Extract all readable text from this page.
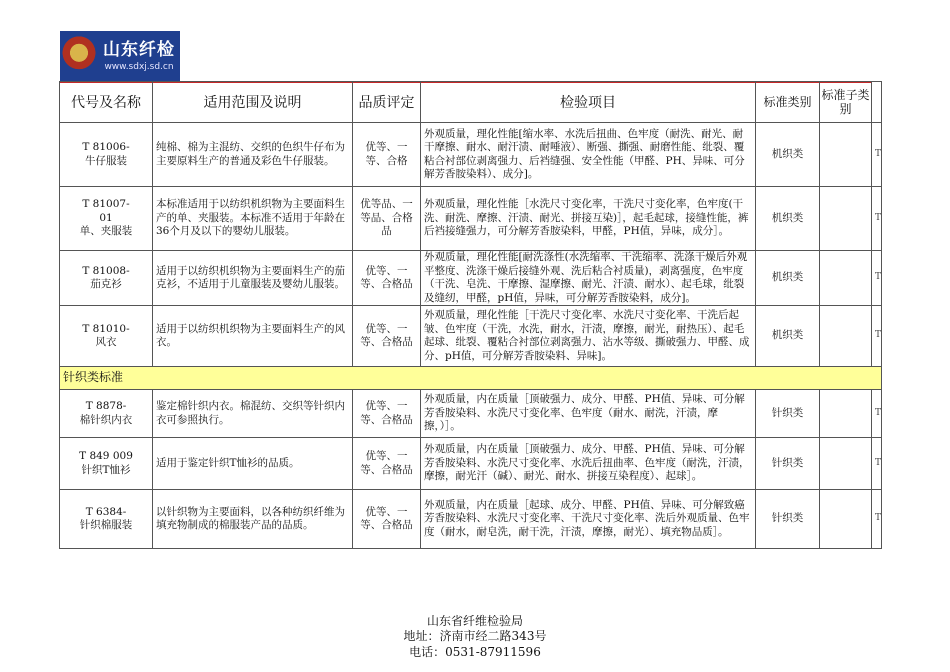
山东纤检
www.sdxj.sd.cn
代号及名称	适用范围及说明	品质评定	检验项目	标准类别	标准子类别	
T 81006-
牛仔服装	纯棉、棉为主混纺、交织的色织牛仔布为主要原料生产的普通及彩色牛仔服装。	优等、一等、合格	外观质量，理化性能[缩水率、水洗后扭曲、色牢度（耐洗、耐光、耐干摩擦、耐水、耐汗渍、耐唾液）、断强、撕强、耐磨性能、纰裂、覆粘合衬部位剥离强力、后裆缝强、安全性能（甲醛、PH、异味、可分解芳香胺染料）、成分]。	机织类		T
T 81007-
01
单、夹服装	本标准适用于以纺织机织物为主要面料生产的单、夹服装。本标准不适用于年龄在36个月及以下的婴幼儿服装。	优等品、一等品、合格品	外观质量，理化性能［水洗尺寸变化率，干洗尺寸变化率，色牢度(干洗、耐洗、摩擦、汗渍、耐光、拼接互染)］，起毛起球，接缝性能，裤后裆接缝强力，可分解芳香胺染料，甲醛，PH值，异味，成分］。	机织类		T
T 81008-
茄克衫	适用于以纺织机织物为主要面料生产的茄克衫，不适用于儿童服装及婴幼儿服装。	优等、一等、合格品	外观质量，理化性能[耐洗涤性(水洗缩率、干洗缩率、洗涤干燥后外观平整度、洗涤干燥后接缝外观、洗后粘合衬质量)，剥离强度，色牢度（干洗、皂洗、干摩擦、湿摩擦、耐光、汗渍、耐水）、起毛球，纰裂及缝纫，甲醛，pH值，异味，可分解芳香胺染料，成分]。	机织类		T
T 81010-
风衣	适用于以纺织机织物为主要面料生产的风衣。	优等、一等、合格品	外观质量，理化性能［干洗尺寸变化率、水洗尺寸变化率、干洗后起皱、色牢度（干洗，水洗，耐水，汗渍，摩擦，耐光，耐热压）、起毛起球、纰裂、覆粘合衬部位剥离强力、沾水等级、撕破强力、甲醛、成分、pH值，可分解芳香胺染料、异味]。	机织类		T
针织类标准						
T 8878-
棉针织内衣	鉴定棉针织内衣。棉混纺、交织等针织内衣可参照执行。	优等、一等、合格品	外观质量，内在质量［顶破强力、成分、甲醛、PH值、异味、可分解芳香胺染料、水洗尺寸变化率、色牢度（耐水、耐洗，汗渍，摩擦，）］。	针织类		T
T 849 009
针织T恤衫	适用于鉴定针织T恤衫的品质。	优等、一等、合格品	外观质量，内在质量［顶破强力、成分、甲醛、PH值、异味、可分解芳香胺染料、水洗尺寸变化率、水洗后扭曲率、色牢度（耐洗，汗渍，摩擦，耐光汗（碱）、耐光、耐水、拼接互染程度）、起球］。	针织类		T
T 6384-
针织棉服装	以针织物为主要面料，以各种纺织纤维为填充物制成的棉服装产品的品质。	优等、一等、合格品	外观质量，内在质量［起球、成分、甲醛、PH值、异味、可分解致癌芳香胺染料、水洗尺寸变化率、干洗尺寸变化率、洗后外观质量、色牢度（耐水，耐皂洗，耐干洗，汗渍，摩擦，耐光）、填充物品质］。	针织类		T
山东省纤维检验局
地址：济南市经二路343号
电话：0531-87911596
